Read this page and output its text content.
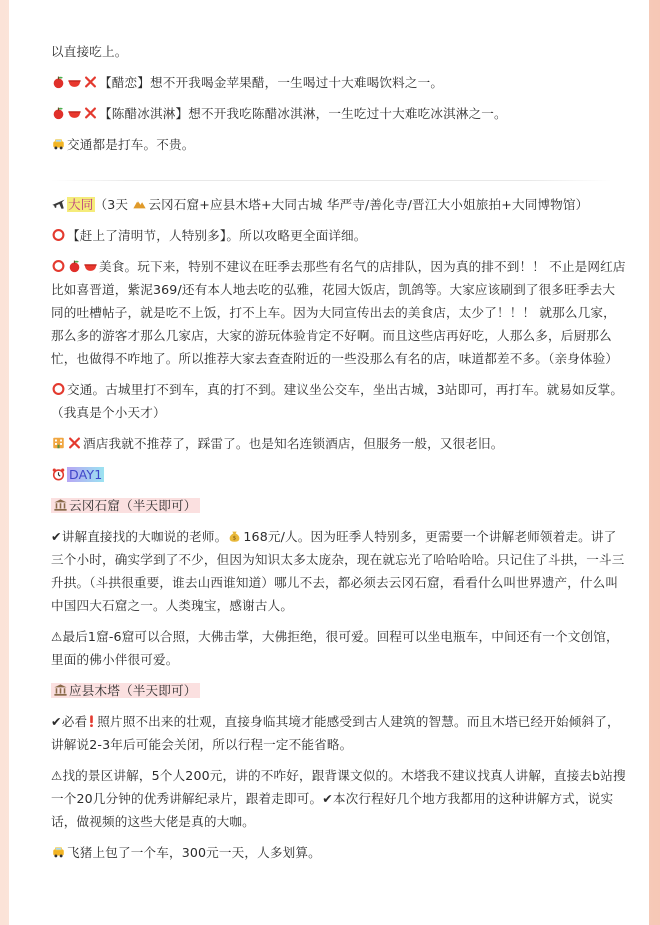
以直接吃上。

【醋恋】想不开我喝金苹果醋，一生喝过十大难喝饮料之一。

【陈醋冰淇淋】想不开我吃陈醋冰淇淋，一生吃过十大难吃冰淇淋之一。

交通都是打车。不贵。

大同（3天
云冈石窟+应县木塔+大同古城 华严寺/善化寺/晋江大小姐旅拍+大同博物馆）

【赶上了清明节，人特别多】。所以攻略更全面详细。

美食。玩下来，特别不建议在旺季去那些有名气的店排队，因为真的排不到！！ 不止是网红店比如喜晋道，紫泥369/还有本人地去吃的弘雅，花园大饭店，凯鸽等。大家应该刷到了很多旺季去大同的吐槽帖子，就是吃不上饭，打不上车。因为大同宣传出去的美食店，太少了！！！ 就那么几家，那么多的游客才那么几家店，大家的游玩体验肯定不好啊。而且这些店再好吃，人那么多，后厨那么忙，也做得不咋地了。所以推荐大家去查查附近的一些没那么有名的店，味道都差不多。（亲身体验）

交通。古城里打不到车，真的打不到。建议坐公交车，坐出古城，3站即可，再打车。就易如反掌。（我真是个小天才）

酒店我就不推荐了，踩雷了。也是知名连锁酒店，但服务一般，又很老旧。

DAY1

云冈石窟（半天即可）

✔讲解直接找的大咖说的老师。 $ 168元/人。因为旺季人特别多，更需要一个讲解老师领着走。讲了三个小时，确实学到了不少，但因为知识太多太庞杂，现在就忘光了哈哈哈哈。只记住了斗拱，一斗三升拱。（斗拱很重要，谁去山西谁知道）哪儿不去，都必须去云冈石窟，看看什么叫世界遗产，什么叫中国四大石窟之一。人类瑰宝，感谢古人。

⚠最后1窟-6窟可以合照，大佛击掌，大佛拒绝，很可爱。回程可以坐电瓶车，中间还有一个文创馆，里面的佛小伴很可爱。

应县木塔（半天即可）

✔必看 照片照不出来的壮观，直接身临其境才能感受到古人建筑的智慧。而且木塔已经开始倾斜了，讲解说2-3年后可能会关闭，所以行程一定不能省略。

⚠找的景区讲解，5个人200元，讲的不咋好，跟背课文似的。木塔我不建议找真人讲解，直接去b站搜一个20几分钟的优秀讲解纪录片，跟着走即可。✔本次行程好几个地方我都用的这种讲解方式，说实话，做视频的这些大佬是真的大咖。

飞猪上包了一个车，300元一天，人多划算。
